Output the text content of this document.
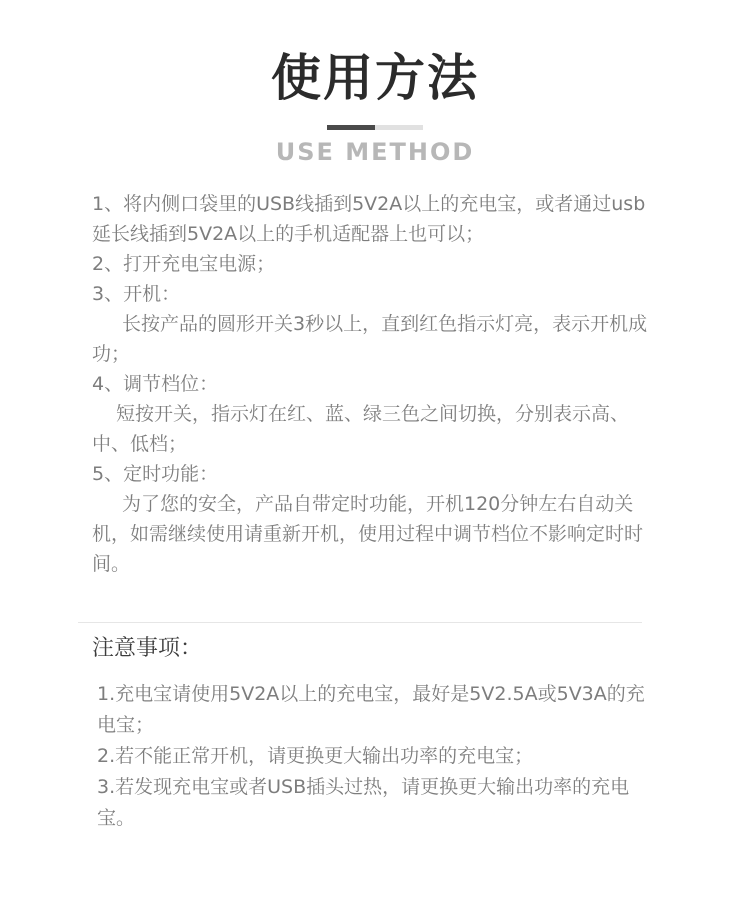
使用方法
USE METHOD

1、将内侧口袋里的USB线插到5V2A以上的充电宝，或者通过usb延长线插到5V2A以上的手机适配器上也可以；

2、打开充电宝电源；

3、开机：

长按产品的圆形开关3秒以上，直到红色指示灯亮，表示开机成功；

4、调节档位：

短按开关，指示灯在红、蓝、绿三色之间切换，分别表示高、中、低档；

5、定时功能：

为了您的安全，产品自带定时功能，开机120分钟左右自动关机，如需继续使用请重新开机，使用过程中调节档位不影响定时时间。

注意事项：

1.充电宝请使用5V2A以上的充电宝，最好是5V2.5A或5V3A的充电宝；

2.若不能正常开机，请更换更大输出功率的充电宝；

3.若发现充电宝或者USB插头过热，请更换更大输出功率的充电宝。
